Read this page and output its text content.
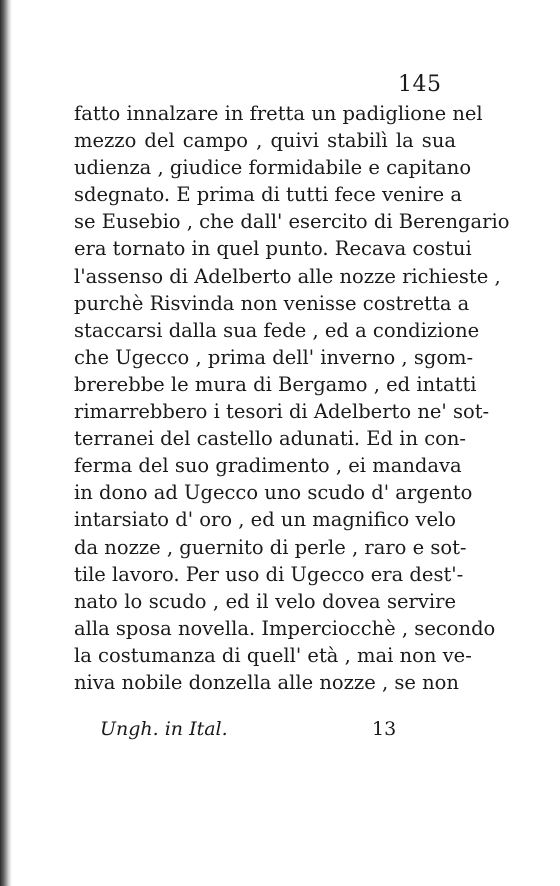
145
fatto innalzare in fretta un padiglione nel
mezzo del campo , quivi stabilì la sua
udienza , giudice formidabile e capitano
sdegnato. E prima di tutti fece venire a
se Eusebio , che dall' esercito di Berengario
era tornato in quel punto. Recava costui
l'assenso di Adelberto alle nozze richieste ,
purchè Risvinda non venisse costretta a
staccarsi dalla sua fede , ed a condizione
che Ugecco , prima dell' inverno , sgom-
brerebbe le mura di Bergamo , ed intatti
rimarrebbero i tesori di Adelberto ne' sot-
terranei del castello adunati. Ed in con-
ferma del suo gradimento , ei mandava
in dono ad Ugecco uno scudo d' argento
intarsiato d' oro , ed un magnifico velo
da nozze , guernito di perle , raro e sot-
tile lavoro. Per uso di Ugecco era dest'-
nato lo scudo , ed il velo dovea servire
alla sposa novella. Imperciocchè , secondo
la costumanza di quell' età , mai non ve-
niva nobile donzella alle nozze , se non
Ungh. in Ital.	13
